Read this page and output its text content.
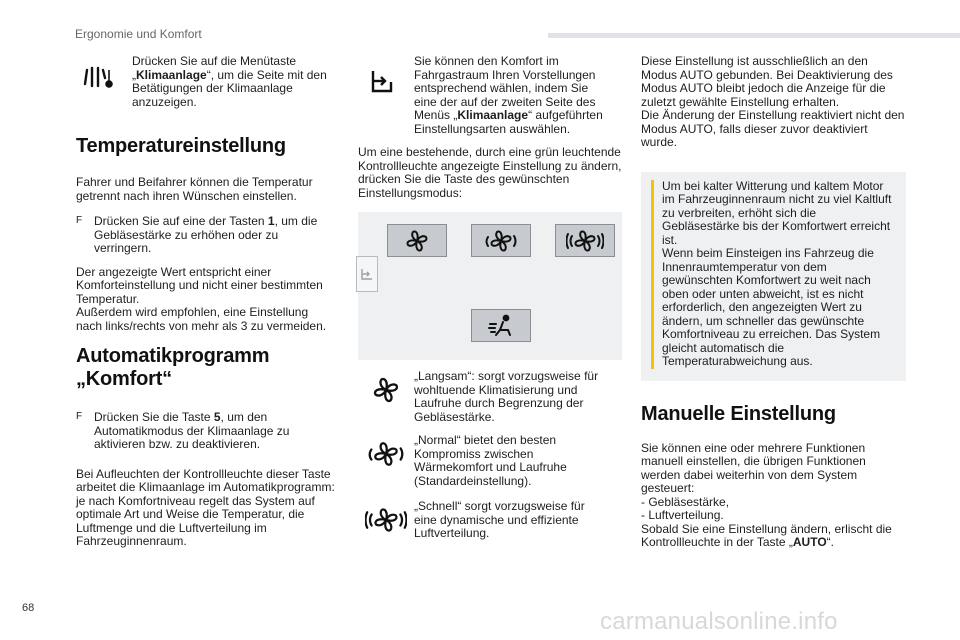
Ergonomie und Komfort

Drücken Sie auf die Menütaste „Klimaanlage“, um die Seite mit den Betätigungen der Klimaanlage anzuzeigen.

Temperatureinstellung

Fahrer und Beifahrer können die Temperatur getrennt nach ihren Wünschen einstellen.

F Drücken Sie auf eine der Tasten 1, um die Gebläsestärke zu erhöhen oder zu verringern.

Der angezeigte Wert entspricht einer Komforteinstellung und nicht einer bestimmten Temperatur.

Außerdem wird empfohlen, eine Einstellung nach links/rechts von mehr als 3 zu vermeiden.

Automatikprogramm
„Komfort“
F Drücken Sie die Taste 5, um den Automatikmodus der Klimaanlage zu aktivieren bzw. zu deaktivieren.

Bei Aufleuchten der Kontrollleuchte dieser Taste arbeitet die Klimaanlage im Automatikprogramm: je nach Komfortniveau regelt das System auf optimale Art und Weise die Temperatur, die Luftmenge und die Luftverteilung im Fahrzeuginnenraum.

Sie können den Komfort im Fahrgastraum Ihren Vorstellungen entsprechend wählen, indem Sie eine der auf der zweiten Seite des Menüs „Klimaanlage“ aufgeführten Einstellungsarten auswählen.

Um eine bestehende, durch eine grün leuchtende Kontrollleuchte angezeigte Einstellung zu ändern, drücken Sie die Taste des gewünschten Einstellungsmodus:

„Langsam“: sorgt vorzugsweise für wohltuende Klimatisierung und Laufruhe durch Begrenzung der Gebläsestärke.

„Normal“ bietet den besten Kompromiss zwischen Wärmekomfort und Laufruhe (Standardeinstellung).

„Schnell“ sorgt vorzugsweise für eine dynamische und effiziente Luftverteilung.

Diese Einstellung ist ausschließlich an den Modus AUTO gebunden. Bei Deaktivierung des Modus AUTO bleibt jedoch die Anzeige für die zuletzt gewählte Einstellung erhalten.

Die Änderung der Einstellung reaktiviert nicht den Modus AUTO, falls dieser zuvor deaktiviert wurde.

Um bei kalter Witterung und kaltem Motor im Fahrzeuginnenraum nicht zu viel Kaltluft zu verbreiten, erhöht sich die Gebläsestärke bis der Komfortwert erreicht ist.

Wenn beim Einsteigen ins Fahrzeug die Innenraumtemperatur von dem gewünschten Komfortwert zu weit nach oben oder unten abweicht, ist es nicht erforderlich, den angezeigten Wert zu ändern, um schneller das gewünschte Komfortniveau zu erreichen. Das System gleicht automatisch die Temperaturabweichung aus.

Manuelle Einstellung

Sie können eine oder mehrere Funktionen manuell einstellen, die übrigen Funktionen werden dabei weiterhin von dem System gesteuert:

- Gebläsestärke,

- Luftverteilung.

Sobald Sie eine Einstellung ändern, erlischt die Kontrollleuchte in der Taste „AUTO“.

68	carmanualsonline.info
